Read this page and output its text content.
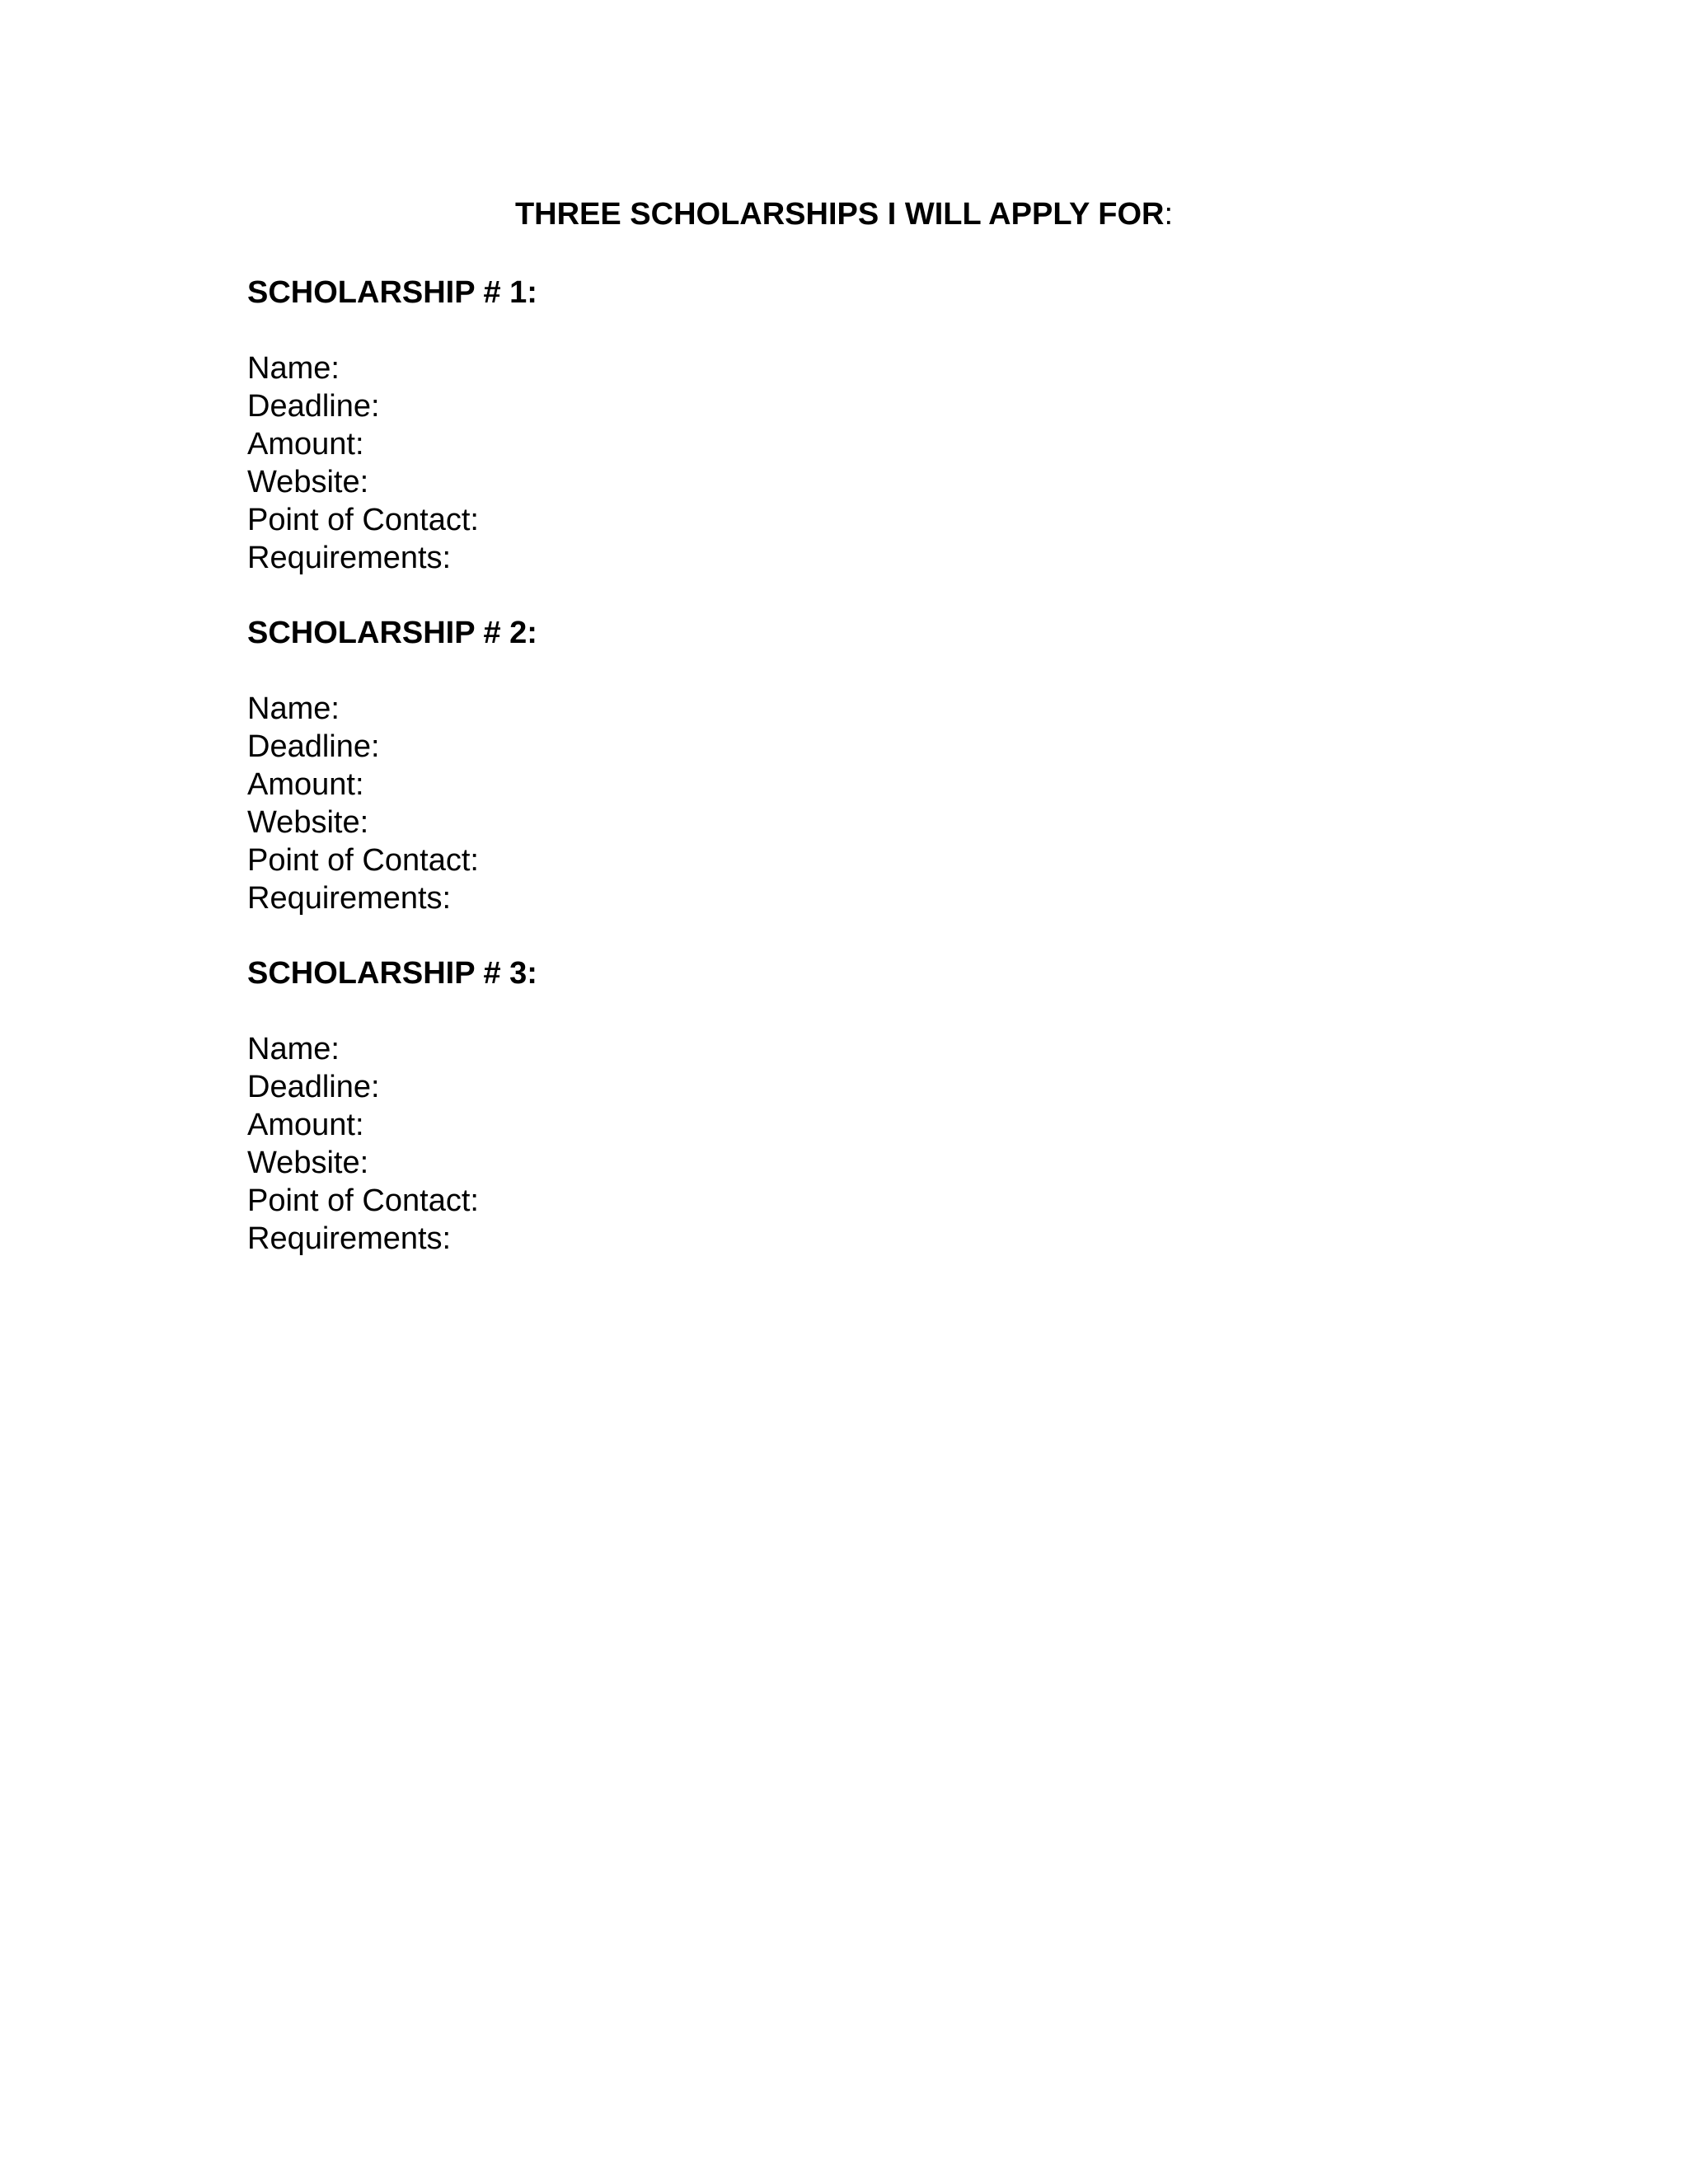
THREE SCHOLARSHIPS I WILL APPLY FOR:
SCHOLARSHIP # 1:
Name:
Deadline:
Amount:
Website:
Point of Contact:
Requirements:
SCHOLARSHIP # 2:
Name:
Deadline:
Amount:
Website:
Point of Contact:
Requirements:
SCHOLARSHIP # 3:
Name:
Deadline:
Amount:
Website:
Point of Contact:
Requirements:
